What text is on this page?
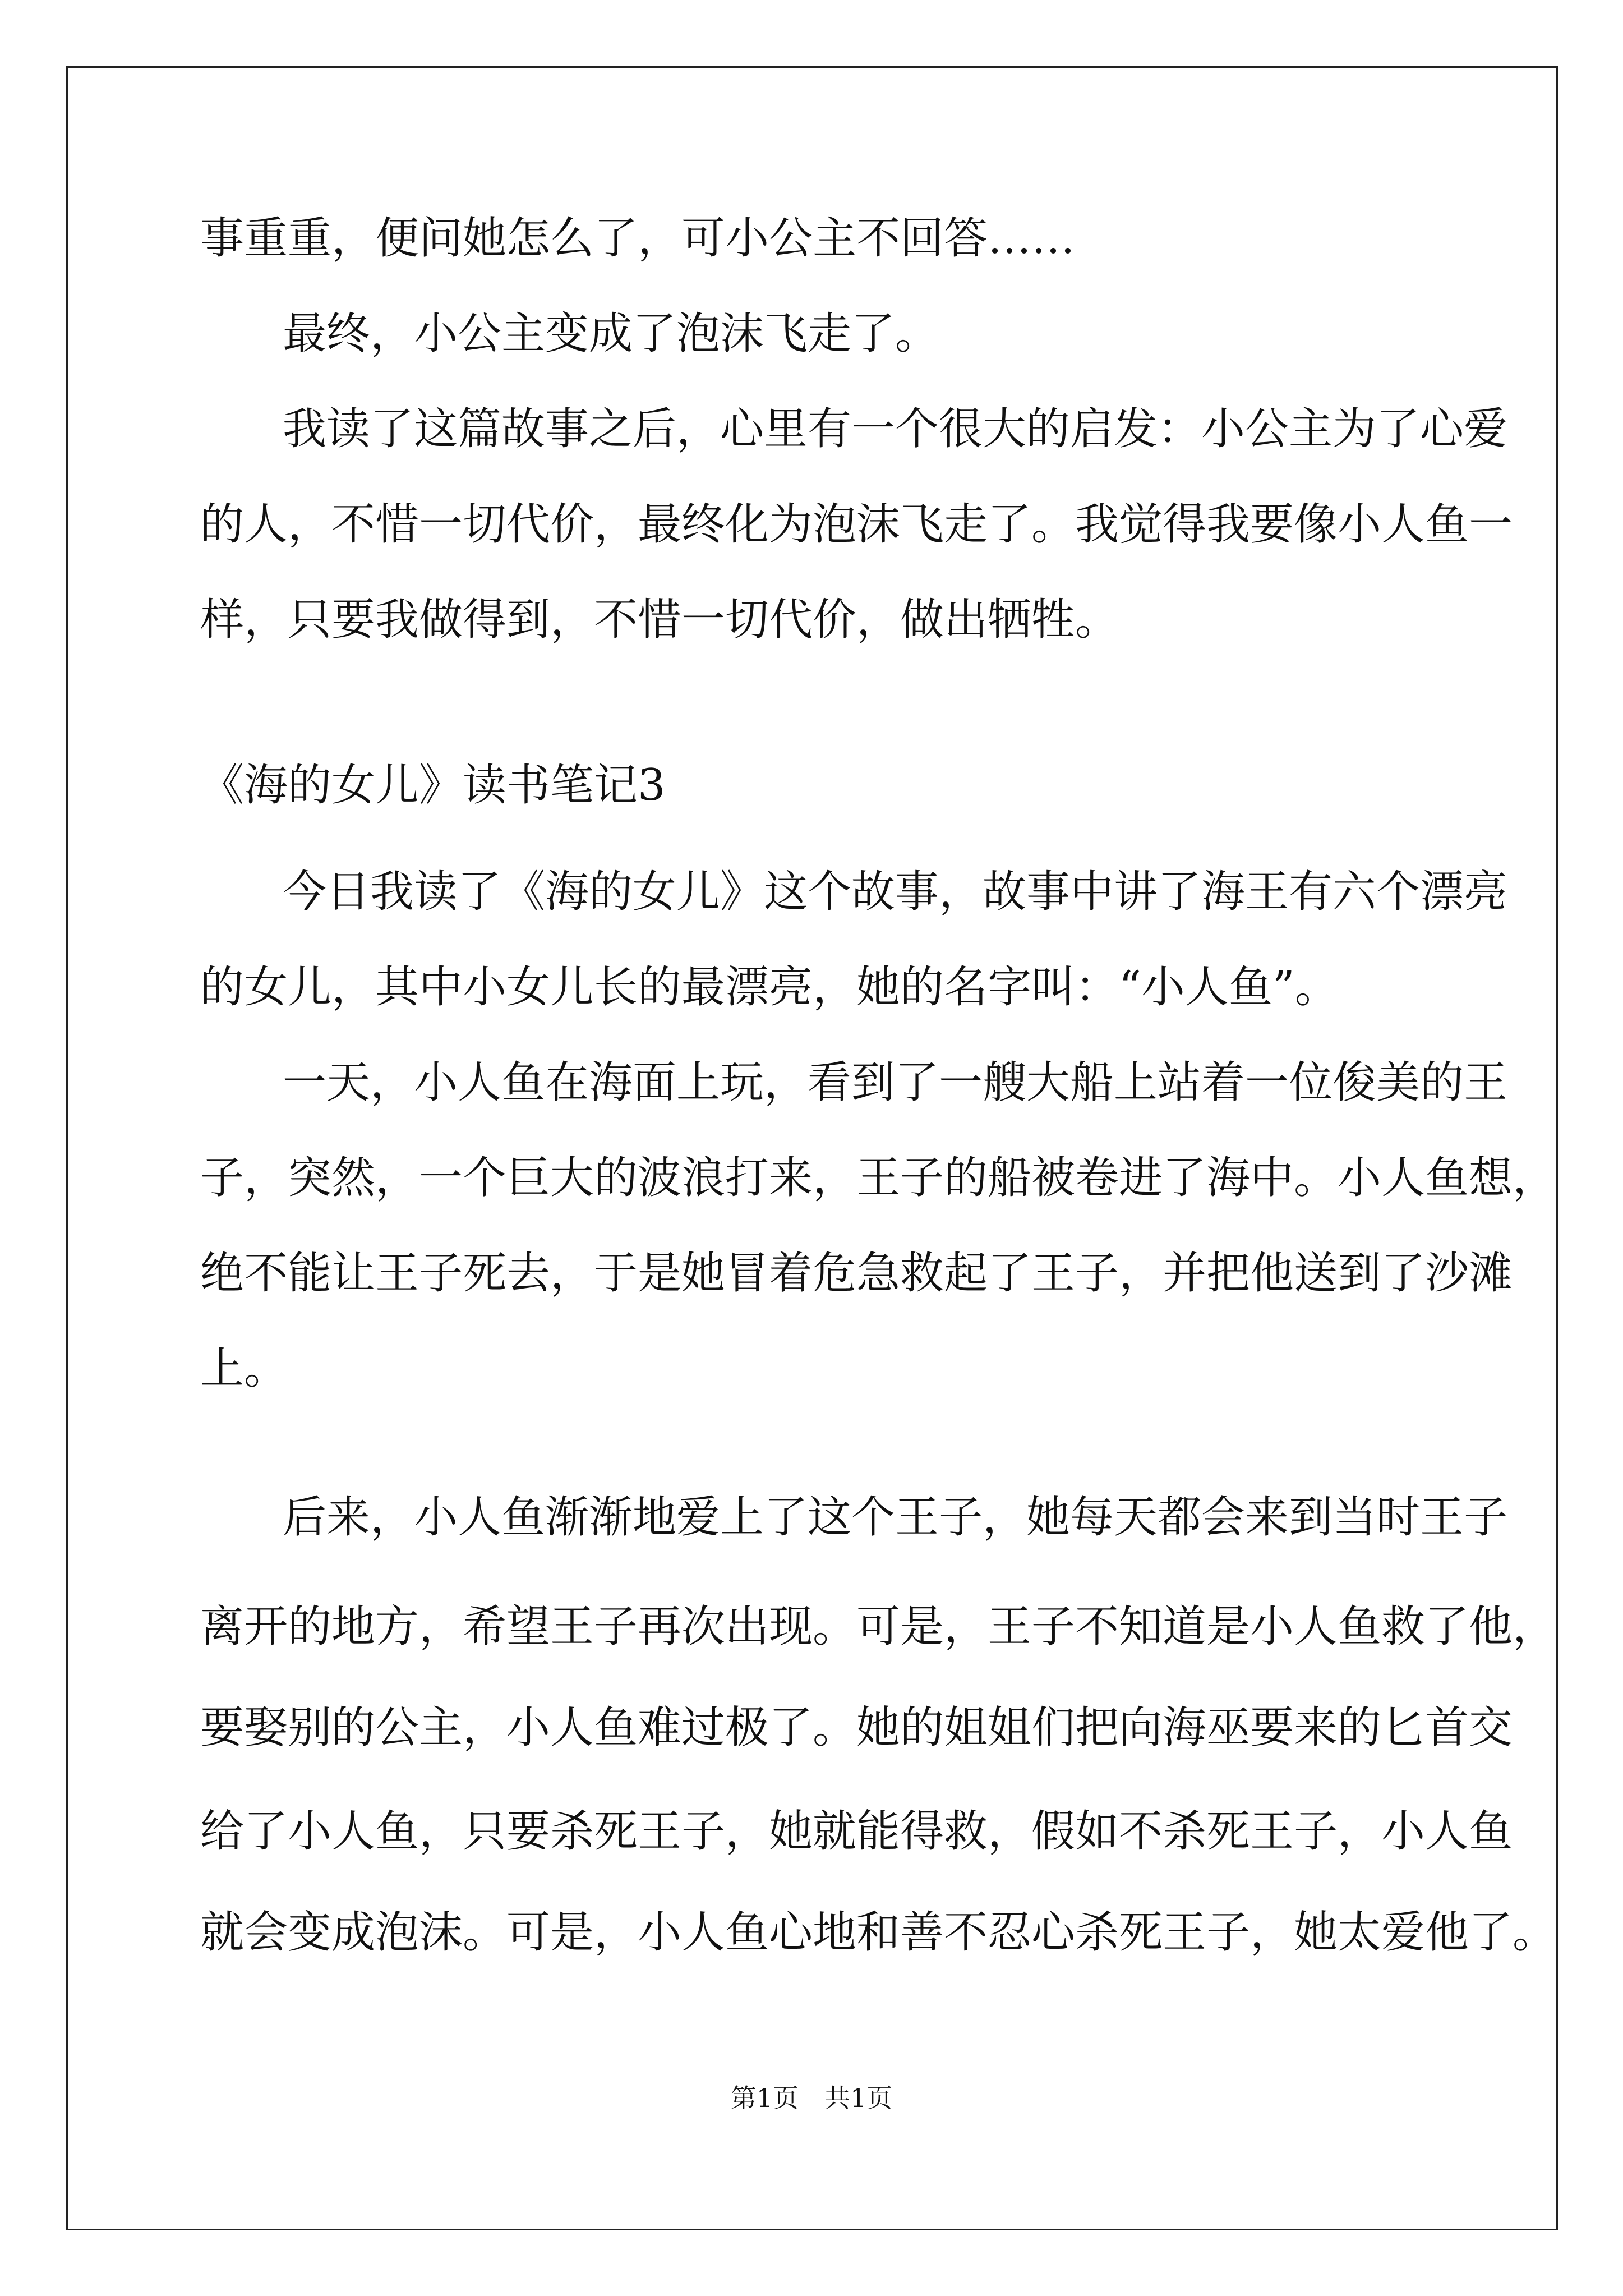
事重重，便问她怎么了，可小公主不回答……
最终，小公主变成了泡沫飞走了。
我读了这篇故事之后，心里有一个很大的启发：小公主为了心爱
的人，不惜一切代价，最终化为泡沫飞走了。我觉得我要像小人鱼一
样，只要我做得到，不惜一切代价，做出牺牲。
《海的女儿》读书笔记3
今日我读了《海的女儿》这个故事，故事中讲了海王有六个漂亮
的女儿，其中小女儿长的最漂亮，她的名字叫：“小人鱼”。
一天，小人鱼在海面上玩，看到了一艘大船上站着一位俊美的王
子，突然，一个巨大的波浪打来，王子的船被卷进了海中。小人鱼想，
绝不能让王子死去，于是她冒着危急救起了王子，并把他送到了沙滩
上。
后来，小人鱼渐渐地爱上了这个王子，她每天都会来到当时王子
离开的地方，希望王子再次出现。可是，王子不知道是小人鱼救了他，
要娶别的公主，小人鱼难过极了。她的姐姐们把向海巫要来的匕首交
给了小人鱼，只要杀死王子，她就能得救，假如不杀死王子，小人鱼
就会变成泡沫。可是，小人鱼心地和善不忍心杀死王子，她太爱他了。
第1页　共1页
